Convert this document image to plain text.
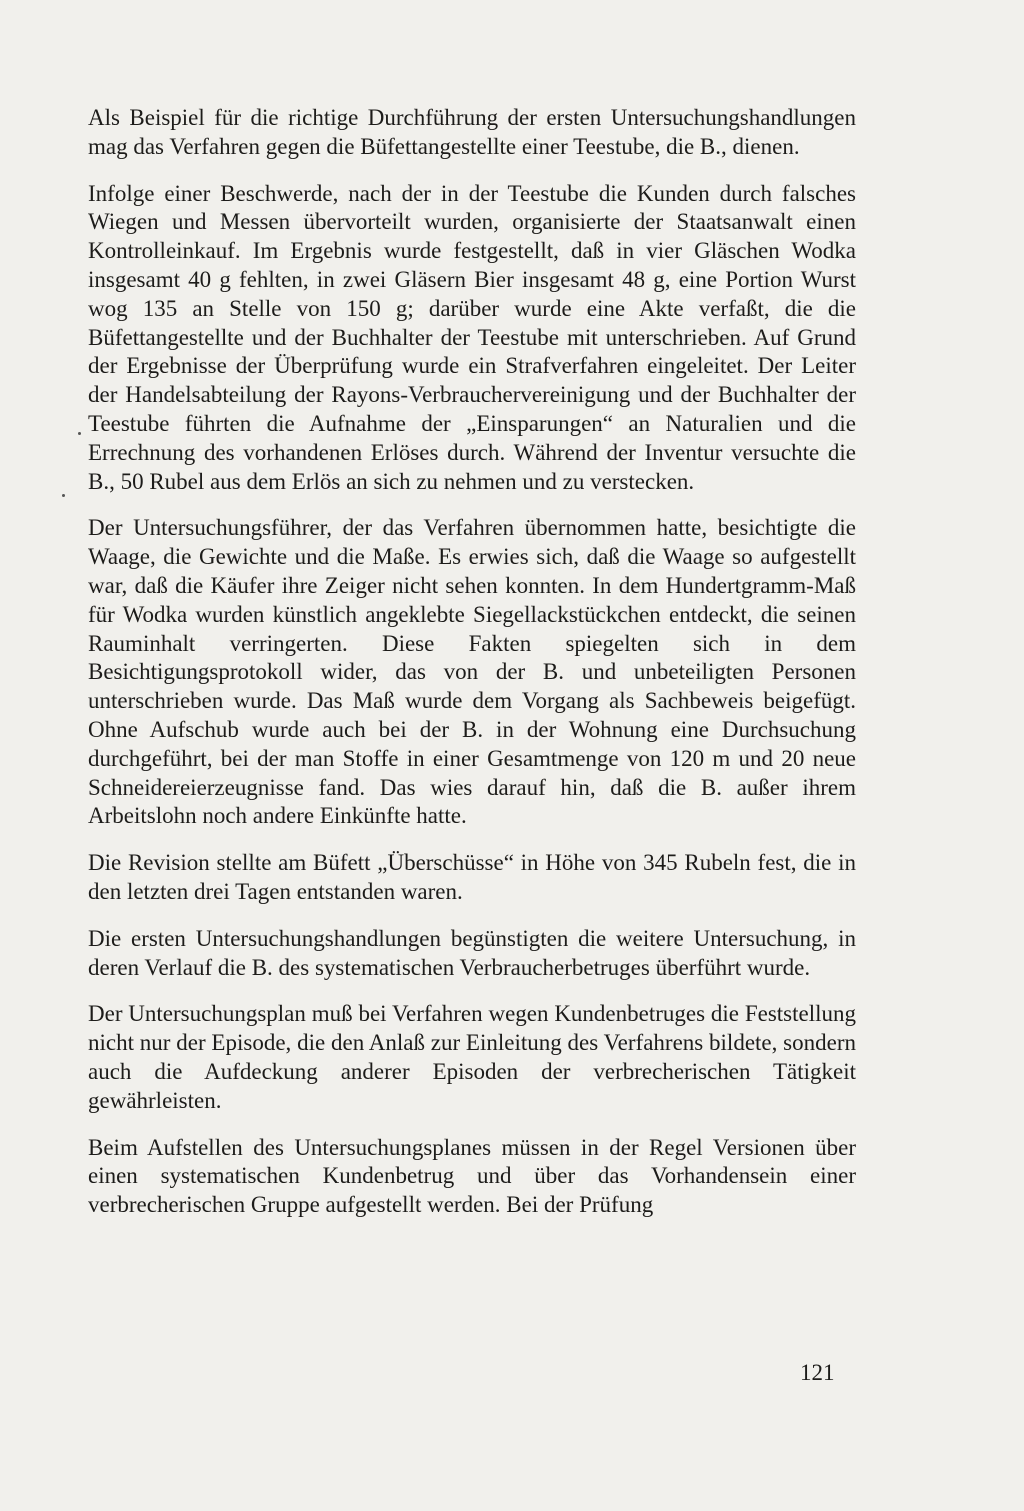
Als Beispiel für die richtige Durchführung der ersten Untersuchungshandlungen mag das Verfahren gegen die Büfettangestellte einer Teestube, die B., dienen.

Infolge einer Beschwerde, nach der in der Teestube die Kunden durch falsches Wiegen und Messen übervorteilt wurden, organisierte der Staatsanwalt einen Kontrolleinkauf. Im Ergebnis wurde festgestellt, daß in vier Gläschen Wodka insgesamt 40 g fehlten, in zwei Gläsern Bier insgesamt 48 g, eine Portion Wurst wog 135 an Stelle von 150 g; darüber wurde eine Akte verfaßt, die die Büfettangestellte und der Buchhalter der Teestube mit unterschrieben. Auf Grund der Ergebnisse der Überprüfung wurde ein Strafverfahren eingeleitet. Der Leiter der Handelsabteilung der Rayons-Verbrauchervereinigung und der Buchhalter der Teestube führten die Aufnahme der „Einsparungen“ an Naturalien und die Errechnung des vorhandenen Erlöses durch. Während der Inventur versuchte die B., 50 Rubel aus dem Erlös an sich zu nehmen und zu verstecken.

Der Untersuchungsführer, der das Verfahren übernommen hatte, besichtigte die Waage, die Gewichte und die Maße. Es erwies sich, daß die Waage so aufgestellt war, daß die Käufer ihre Zeiger nicht sehen konnten. In dem Hundertgramm-Maß für Wodka wurden künstlich angeklebte Siegellackstückchen entdeckt, die seinen Rauminhalt verringerten. Diese Fakten spiegelten sich in dem Besichtigungsprotokoll wider, das von der B. und unbeteiligten Personen unterschrieben wurde. Das Maß wurde dem Vorgang als Sachbeweis beigefügt. Ohne Aufschub wurde auch bei der B. in der Wohnung eine Durchsuchung durchgeführt, bei der man Stoffe in einer Gesamtmenge von 120 m und 20 neue Schneidereierzeugnisse fand. Das wies darauf hin, daß die B. außer ihrem Arbeitslohn noch andere Einkünfte hatte.

Die Revision stellte am Büfett „Überschüsse“ in Höhe von 345 Rubeln fest, die in den letzten drei Tagen entstanden waren.

Die ersten Untersuchungshandlungen begünstigten die weitere Untersuchung, in deren Verlauf die B. des systematischen Verbraucherbetruges überführt wurde.

Der Untersuchungsplan muß bei Verfahren wegen Kundenbetruges die Feststellung nicht nur der Episode, die den Anlaß zur Einleitung des Verfahrens bildete, sondern auch die Aufdeckung anderer Episoden der verbrecherischen Tätigkeit gewährleisten.

Beim Aufstellen des Untersuchungsplanes müssen in der Regel Versionen über einen systematischen Kundenbetrug und über das Vorhandensein einer verbrecherischen Gruppe aufgestellt werden. Bei der Prüfung

121
